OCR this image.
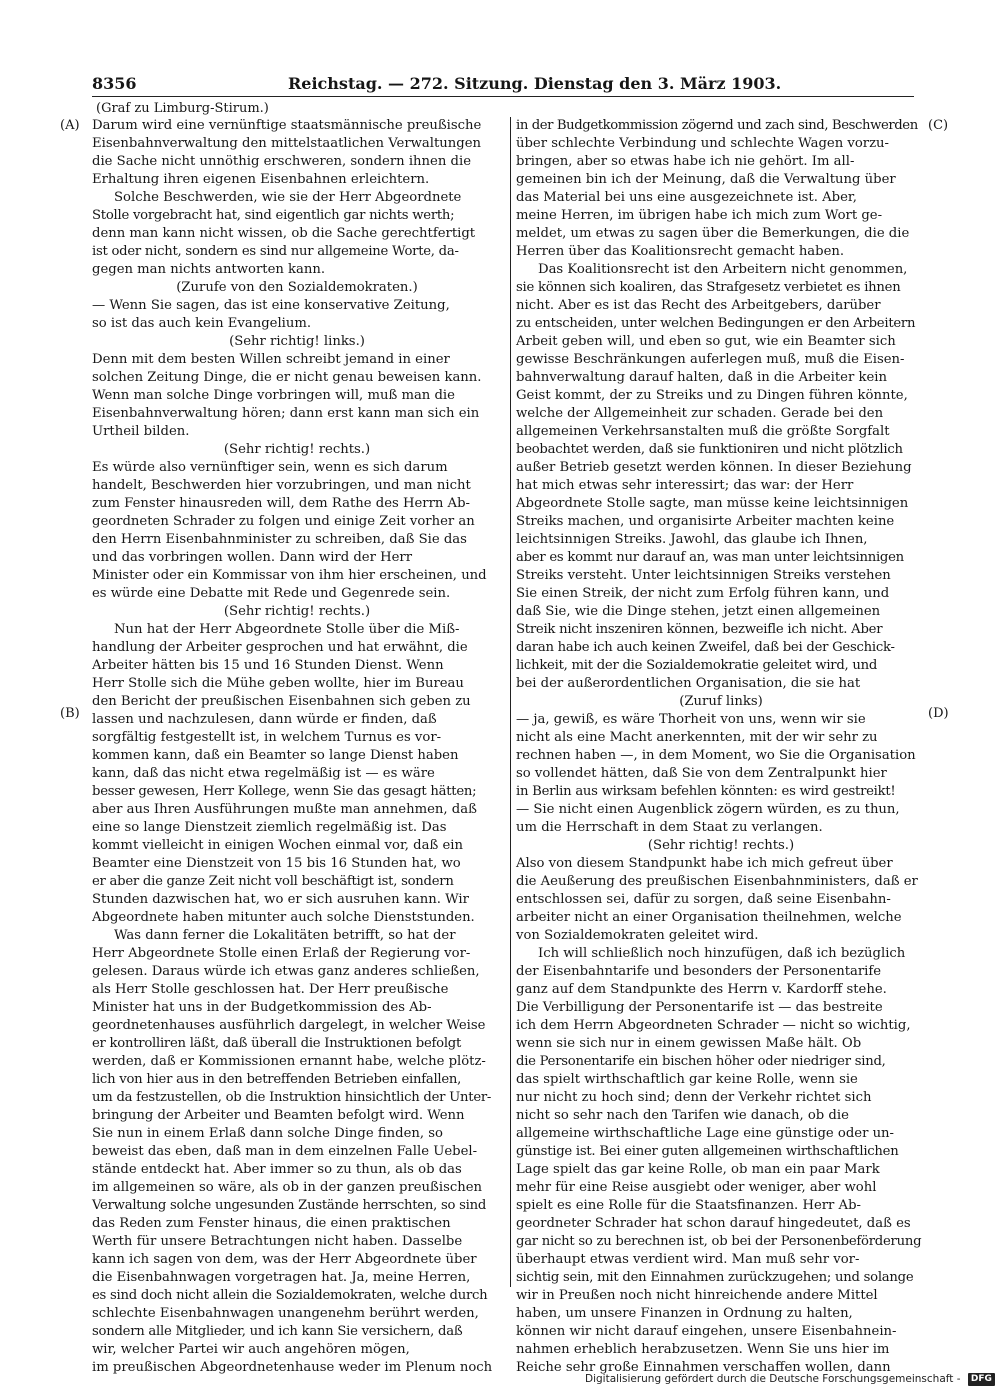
8356	Reichstag. — 272. Sitzung. Dienstag den 3. März 1903.
(Graf zu Limburg-Stirum.)
(A)
(B)
(C)
(D)
Darum wird eine vernünftige staatsmännische preußische
Eisenbahnverwaltung den mittelstaatlichen Verwaltungen
die Sache nicht unnöthig erschweren, sondern ihnen die
Erhaltung ihren eigenen Eisenbahnen erleichtern.
Solche Beschwerden, wie sie der Herr Abgeordnete
Stolle vorgebracht hat, sind eigentlich gar nichts werth;
denn man kann nicht wissen, ob die Sache gerechtfertigt
ist oder nicht, sondern es sind nur allgemeine Worte, da-
gegen man nichts antworten kann.
(Zurufe von den Sozialdemokraten.)
— Wenn Sie sagen, das ist eine konservative Zeitung,
so ist das auch kein Evangelium.
(Sehr richtig! links.)
Denn mit dem besten Willen schreibt jemand in einer
solchen Zeitung Dinge, die er nicht genau beweisen kann.
Wenn man solche Dinge vorbringen will, muß man die
Eisenbahnverwaltung hören; dann erst kann man sich ein
Urtheil bilden.
(Sehr richtig! rechts.)
Es würde also vernünftiger sein, wenn es sich darum
handelt, Beschwerden hier vorzubringen, und man nicht
zum Fenster hinausreden will, dem Rathe des Herrn Ab-
geordneten Schrader zu folgen und einige Zeit vorher an
den Herrn Eisenbahnminister zu schreiben, daß Sie das
und das vorbringen wollen. Dann wird der Herr
Minister oder ein Kommissar von ihm hier erscheinen, und
es würde eine Debatte mit Rede und Gegenrede sein.
(Sehr richtig! rechts.)
Nun hat der Herr Abgeordnete Stolle über die Miß-
handlung der Arbeiter gesprochen und hat erwähnt, die
Arbeiter hätten bis 15 und 16 Stunden Dienst. Wenn
Herr Stolle sich die Mühe geben wollte, hier im Bureau
den Bericht der preußischen Eisenbahnen sich geben zu
lassen und nachzulesen, dann würde er finden, daß
sorgfältig festgestellt ist, in welchem Turnus es vor-
kommen kann, daß ein Beamter so lange Dienst haben
kann, daß das nicht etwa regelmäßig ist — es wäre
besser gewesen, Herr Kollege, wenn Sie das gesagt hätten;
aber aus Ihren Ausführungen mußte man annehmen, daß
eine so lange Dienstzeit ziemlich regelmäßig ist. Das
kommt vielleicht in einigen Wochen einmal vor, daß ein
Beamter eine Dienstzeit von 15 bis 16 Stunden hat, wo
er aber die ganze Zeit nicht voll beschäftigt ist, sondern
Stunden dazwischen hat, wo er sich ausruhen kann. Wir
Abgeordnete haben mitunter auch solche Dienststunden.
Was dann ferner die Lokalitäten betrifft, so hat der
Herr Abgeordnete Stolle einen Erlaß der Regierung vor-
gelesen. Daraus würde ich etwas ganz anderes schließen,
als Herr Stolle geschlossen hat. Der Herr preußische
Minister hat uns in der Budgetkommission des Ab-
geordnetenhauses ausführlich dargelegt, in welcher Weise
er kontrolliren läßt, daß überall die Instruktionen befolgt
werden, daß er Kommissionen ernannt habe, welche plötz-
lich von hier aus in den betreffenden Betrieben einfallen,
um da festzustellen, ob die Instruktion hinsichtlich der Unter-
bringung der Arbeiter und Beamten befolgt wird. Wenn
Sie nun in einem Erlaß dann solche Dinge finden, so
beweist das eben, daß man in dem einzelnen Falle Uebel-
stände entdeckt hat. Aber immer so zu thun, als ob das
im allgemeinen so wäre, als ob in der ganzen preußischen
Verwaltung solche ungesunden Zustände herrschten, so sind
das Reden zum Fenster hinaus, die einen praktischen
Werth für unsere Betrachtungen nicht haben. Dasselbe
kann ich sagen von dem, was der Herr Abgeordnete über
die Eisenbahnwagen vorgetragen hat. Ja, meine Herren,
es sind doch nicht allein die Sozialdemokraten, welche durch
schlechte Eisenbahnwagen unangenehm berührt werden,
sondern alle Mitglieder, und ich kann Sie versichern, daß
wir, welcher Partei wir auch angehören mögen,
im preußischen Abgeordnetenhause weder im Plenum noch
in der Budgetkommission zögernd und zach sind, Beschwerden
über schlechte Verbindung und schlechte Wagen vorzu-
bringen, aber so etwas habe ich nie gehört. Im all-
gemeinen bin ich der Meinung, daß die Verwaltung über
das Material bei uns eine ausgezeichnete ist. Aber,
meine Herren, im übrigen habe ich mich zum Wort ge-
meldet, um etwas zu sagen über die Bemerkungen, die die
Herren über das Koalitionsrecht gemacht haben.
Das Koalitionsrecht ist den Arbeitern nicht genommen,
sie können sich koaliren, das Strafgesetz verbietet es ihnen
nicht. Aber es ist das Recht des Arbeitgebers, darüber
zu entscheiden, unter welchen Bedingungen er den Arbeitern
Arbeit geben will, und eben so gut, wie ein Beamter sich
gewisse Beschränkungen auferlegen muß, muß die Eisen-
bahnverwaltung darauf halten, daß in die Arbeiter kein
Geist kommt, der zu Streiks und zu Dingen führen könnte,
welche der Allgemeinheit zur schaden. Gerade bei den
allgemeinen Verkehrsanstalten muß die größte Sorgfalt
beobachtet werden, daß sie funktioniren und nicht plötzlich
außer Betrieb gesetzt werden können. In dieser Beziehung
hat mich etwas sehr interessirt; das war: der Herr
Abgeordnete Stolle sagte, man müsse keine leichtsinnigen
Streiks machen, und organisirte Arbeiter machten keine
leichtsinnigen Streiks. Jawohl, das glaube ich Ihnen,
aber es kommt nur darauf an, was man unter leichtsinnigen
Streiks versteht. Unter leichtsinnigen Streiks verstehen
Sie einen Streik, der nicht zum Erfolg führen kann, und
daß Sie, wie die Dinge stehen, jetzt einen allgemeinen
Streik nicht inszeniren können, bezweifle ich nicht. Aber
daran habe ich auch keinen Zweifel, daß bei der Geschick-
lichkeit, mit der die Sozialdemokratie geleitet wird, und
bei der außerordentlichen Organisation, die sie hat
(Zuruf links)
— ja, gewiß, es wäre Thorheit von uns, wenn wir sie
nicht als eine Macht anerkennten, mit der wir sehr zu
rechnen haben —, in dem Moment, wo Sie die Organisation
so vollendet hätten, daß Sie von dem Zentralpunkt hier
in Berlin aus wirksam befehlen könnten: es wird gestreikt!
— Sie nicht einen Augenblick zögern würden, es zu thun,
um die Herrschaft in dem Staat zu verlangen.
(Sehr richtig! rechts.)
Also von diesem Standpunkt habe ich mich gefreut über
die Aeußerung des preußischen Eisenbahnministers, daß er
entschlossen sei, dafür zu sorgen, daß seine Eisenbahn-
arbeiter nicht an einer Organisation theilnehmen, welche
von Sozialdemokraten geleitet wird.
Ich will schließlich noch hinzufügen, daß ich bezüglich
der Eisenbahntarife und besonders der Personentarife
ganz auf dem Standpunkte des Herrn v. Kardorff stehe.
Die Verbilligung der Personentarife ist — das bestreite
ich dem Herrn Abgeordneten Schrader — nicht so wichtig,
wenn sie sich nur in einem gewissen Maße hält. Ob
die Personentarife ein bischen höher oder niedriger sind,
das spielt wirthschaftlich gar keine Rolle, wenn sie
nur nicht zu hoch sind; denn der Verkehr richtet sich
nicht so sehr nach den Tarifen wie danach, ob die
allgemeine wirthschaftliche Lage eine günstige oder un-
günstige ist. Bei einer guten allgemeinen wirthschaftlichen
Lage spielt das gar keine Rolle, ob man ein paar Mark
mehr für eine Reise ausgiebt oder weniger, aber wohl
spielt es eine Rolle für die Staatsfinanzen. Herr Ab-
geordneter Schrader hat schon darauf hingedeutet, daß es
gar nicht so zu berechnen ist, ob bei der Personenbeförderung
überhaupt etwas verdient wird. Man muß sehr vor-
sichtig sein, mit den Einnahmen zurückzugehen; und solange
wir in Preußen noch nicht hinreichende andere Mittel
haben, um unsere Finanzen in Ordnung zu halten,
können wir nicht darauf eingehen, unsere Eisenbahnein-
nahmen erheblich herabzusetzen. Wenn Sie uns hier im
Reiche sehr große Einnahmen verschaffen wollen, dann
Digitalisierung gefördert durch die Deutsche Forschungsgemeinschaft - DFG
